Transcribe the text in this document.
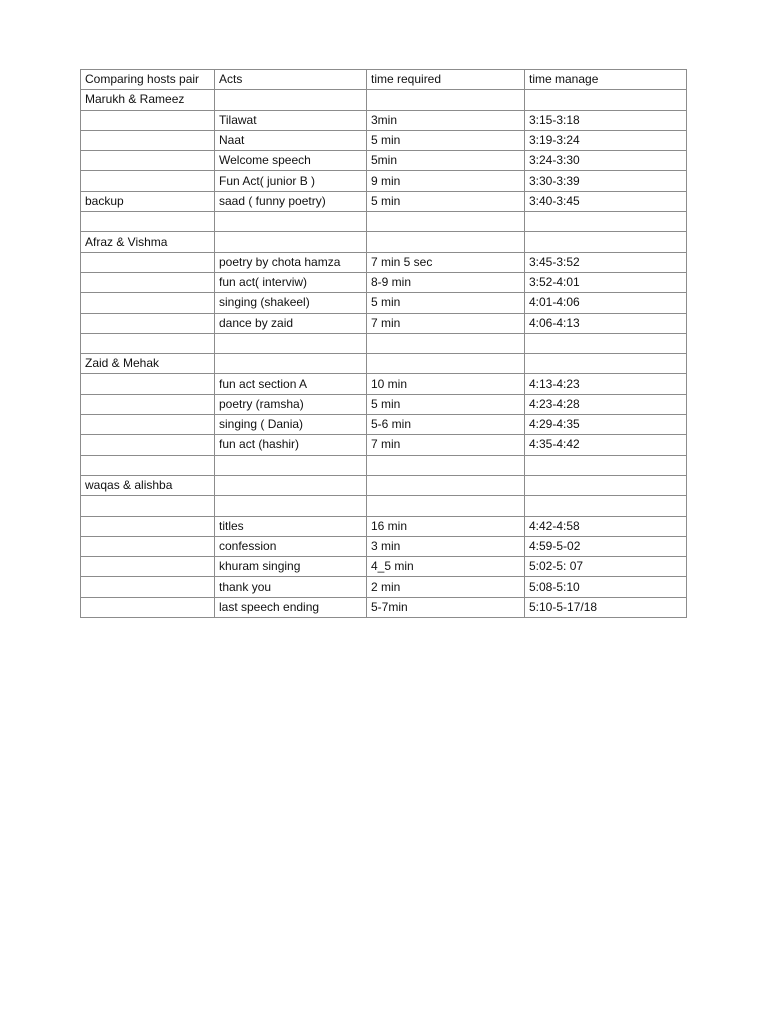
Comparing hosts pair	Acts	time required	time manage
Marukh & Rameez			
	Tilawat	3min	3:15-3:18
	Naat	5 min	3:19-3:24
	Welcome speech	5min	3:24-3:30
	Fun Act( junior B )	9 min	3:30-3:39
backup	saad ( funny poetry)	5 min	3:40-3:45

Afraz & Vishma			
	poetry by chota hamza	7 min 5 sec	3:45-3:52
	fun act( interviw)	8-9 min	3:52-4:01
	singing (shakeel)	5 min	4:01-4:06
	dance by zaid	7 min	4:06-4:13

Zaid & Mehak			
	fun act section A	10 min	4:13-4:23
	poetry (ramsha)	5 min	4:23-4:28
	singing ( Dania)	5-6 min	4:29-4:35
	fun act (hashir)	7 min	4:35-4:42

waqas & alishba			

	titles	16 min	4:42-4:58
	confession	3 min	4:59-5-02
	khuram singing	4_5 min	5:02-5: 07
	thank you	2 min	5:08-5:10
	last speech ending	5-7min	5:10-5-17/18
